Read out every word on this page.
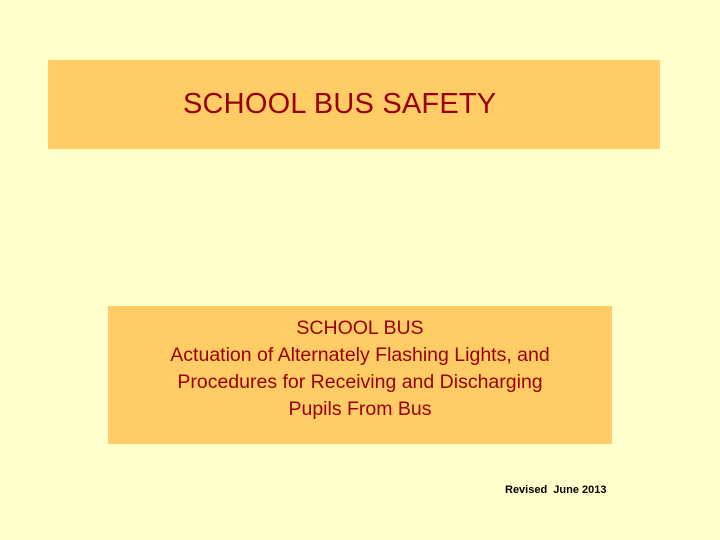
SCHOOL BUS SAFETY
SCHOOL BUS
Actuation of Alternately Flashing Lights, and
Procedures for Receiving and Discharging
Pupils From Bus
Revised  June 2013
